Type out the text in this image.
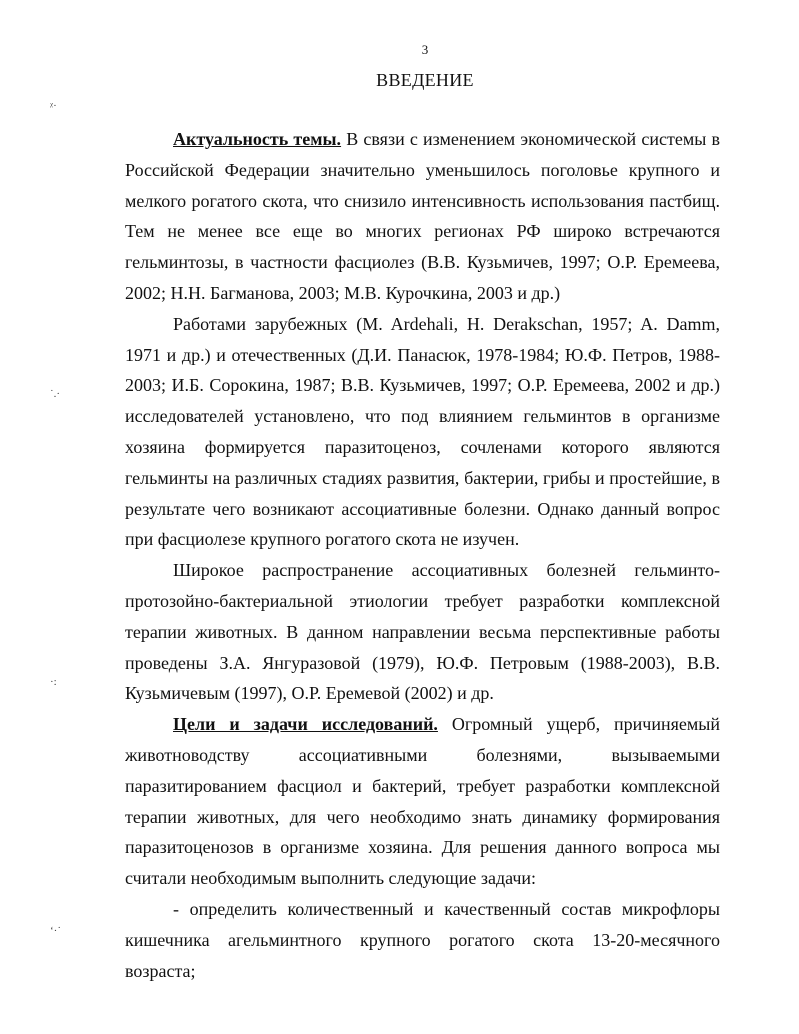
3
ВВЕДЕНИЕ
Актуальность темы. В связи с изменением экономической системы в
Российской Федерации значительно уменьшилось поголовье крупного и
мелкого рогатого скота, что снизило интенсивность использования пастбищ.
Тем не менее все еще во многих регионах РФ широко встречаются
гельминтозы, в частности фасциолез (В.В. Кузьмичев, 1997; О.Р. Еремеева,
2002; Н.Н. Багманова, 2003; М.В. Курочкина, 2003 и др.)
Работами зарубежных (M. Ardehali, H. Derakschan, 1957; A. Damm,
1971 и др.) и отечественных (Д.И. Панасюк, 1978-1984; Ю.Ф. Петров, 1988-
2003; И.Б. Сорокина, 1987; В.В. Кузьмичев, 1997; О.Р. Еремеева, 2002 и др.)
исследователей установлено, что под влиянием гельминтов в организме
хозяина формируется паразитоценоз, сочленами которого являются
гельминты на различных стадиях развития, бактерии, грибы и простейшие, в
результате чего возникают ассоциативные болезни. Однако данный вопрос
при фасциолезе крупного рогатого скота не изучен.
Широкое распространение ассоциативных болезней гельминто-
протозойно-бактериальной этиологии требует разработки комплексной
терапии животных. В данном направлении весьма перспективные работы
проведены З.А. Янгуразовой (1979), Ю.Ф. Петровым (1988-2003), В.В.
Кузьмичевым (1997), О.Р. Еремевой (2002) и др.
Цели и задачи исследований. Огромный ущерб, причиняемый
животноводству ассоциативными болезнями, вызываемыми
паразитированием фасциол и бактерий, требует разработки комплексной
терапии животных, для чего необходимо знать динамику формирования
паразитоценозов в организме хозяина. Для решения данного вопроса мы
считали необходимым выполнить следующие задачи:
- определить количественный и качественный состав микрофлоры
кишечника агельминтного крупного рогатого скота 13-20-месячного
возраста;
ᵡ·
˙.·
·:
ʻ·˙
